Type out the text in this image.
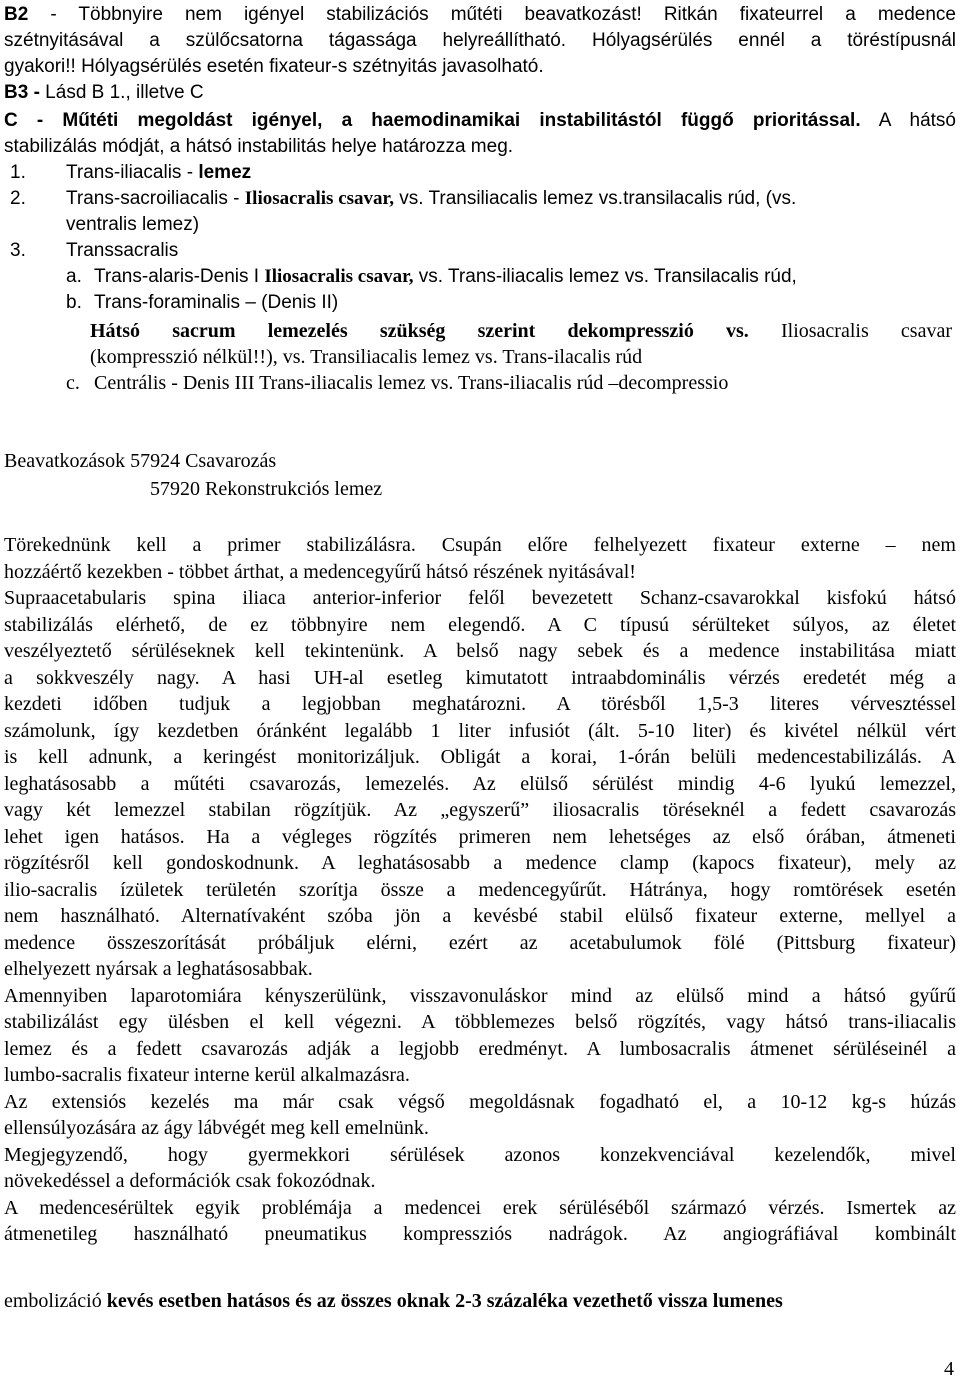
B2 - Többnyire nem igényel stabilizációs műtéti beavatkozást! Ritkán fixateurrel a medence
szétnyitásával a szülőcsatorna tágassága helyreállítható. Hólyagsérülés ennél a töréstípusnál
gyakori!! Hólyagsérülés esetén fixateur-s szétnyitás javasolható.
B3 - Lásd B 1., illetve C
C - Műtéti megoldást igényel, a haemodinamikai instabilitástól függő prioritással. A hátsó
stabilizálás módját, a hátsó instabilitás helye határozza meg.
1. Trans-iliacalis - lemez
2. Trans-sacroiliacalis - Iliosacralis csavar, vs. Transiliacalis lemez vs.transilacalis rúd, (vs.
ventralis lemez)
3. Transsacralis
a. Trans-alaris-Denis I Iliosacralis csavar, vs. Trans-iliacalis lemez vs. Transilacalis rúd,
b. Trans-foraminalis – (Denis II)
Hátsó sacrum lemezelés szükség szerint dekompresszió vs. Iliosacralis csavar
(kompresszió nélkül!!), vs. Transiliacalis lemez vs. Trans-ilacalis rúd
c. Centrális - Denis III Trans-iliacalis lemez vs. Trans-iliacalis rúd –decompressio
Beavatkozások 57924 Csavarozás
57920 Rekonstrukciós lemez
Törekednünk kell a primer stabilizálásra. Csupán előre felhelyezett fixateur externe – nem
hozzáértő kezekben - többet árthat, a medencegyűrű hátsó részének nyitásával!
Supraacetabularis spina iliaca anterior-inferior felől bevezetett Schanz-csavarokkal kisfokú hátsó
stabilizálás elérhető, de ez többnyire nem elegendő. A C típusú sérülteket súlyos, az életet
veszélyeztető sérüléseknek kell tekintenünk. A belső nagy sebek és a medence instabilitása miatt
a sokkveszély nagy. A hasi UH-al esetleg kimutatott intraabdominális vérzés eredetét még a
kezdeti időben tudjuk a legjobban meghatározni. A törésből 1,5-3 literes vérvesztéssel
számolunk, így kezdetben óránként legalább 1 liter infusiót (ált. 5-10 liter) és kivétel nélkül vért
is kell adnunk, a keringést monitorizáljuk. Obligát a korai, 1-órán belüli medencestabilizálás. A
leghatásosabb a műtéti csavarozás, lemezelés. Az elülső sérülést mindig 4-6 lyukú lemezzel,
vagy két lemezzel stabilan rögzítjük. Az „egyszerű” iliosacralis töréseknél a fedett csavarozás
lehet igen hatásos. Ha a végleges rögzítés primeren nem lehetséges az első órában, átmeneti
rögzítésről kell gondoskodnunk. A leghatásosabb a medence clamp (kapocs fixateur), mely az
ilio-sacralis ízületek területén szorítja össze a medencegyűrűt. Hátránya, hogy romtörések esetén
nem használható. Alternatívaként szóba jön a kevésbé stabil elülső fixateur externe, mellyel a
medence összeszorítását próbáljuk elérni, ezért az acetabulumok fölé (Pittsburg fixateur)
elhelyezett nyársak a leghatásosabbak.
Amennyiben laparotomiára kényszerülünk, visszavonuláskor mind az elülső mind a hátsó gyűrű
stabilizálást egy ülésben el kell végezni. A többlemezes belső rögzítés, vagy hátsó trans-iliacalis
lemez és a fedett csavarozás adják a legjobb eredményt. A lumbosacralis átmenet sérüléseinél a
lumbo-sacralis fixateur interne kerül alkalmazásra.
Az extensiós kezelés ma már csak végső megoldásnak fogadható el, a 10-12 kg-s húzás
ellensúlyozására az ágy lábvégét meg kell emelnünk.
Megjegyzendő, hogy gyermekkori sérülések azonos konzekvenciával kezelendők, mivel
növekedéssel a deformációk csak fokozódnak.
A medencesérültek egyik problémája a medencei erek sérüléséből származó vérzés. Ismertek az
átmenetileg használható pneumatikus kompressziós nadrágok. Az angiográfiával kombinált
embolizáció kevés esetben hatásos és az összes oknak 2-3 százaléka vezethető vissza lumenes
4
